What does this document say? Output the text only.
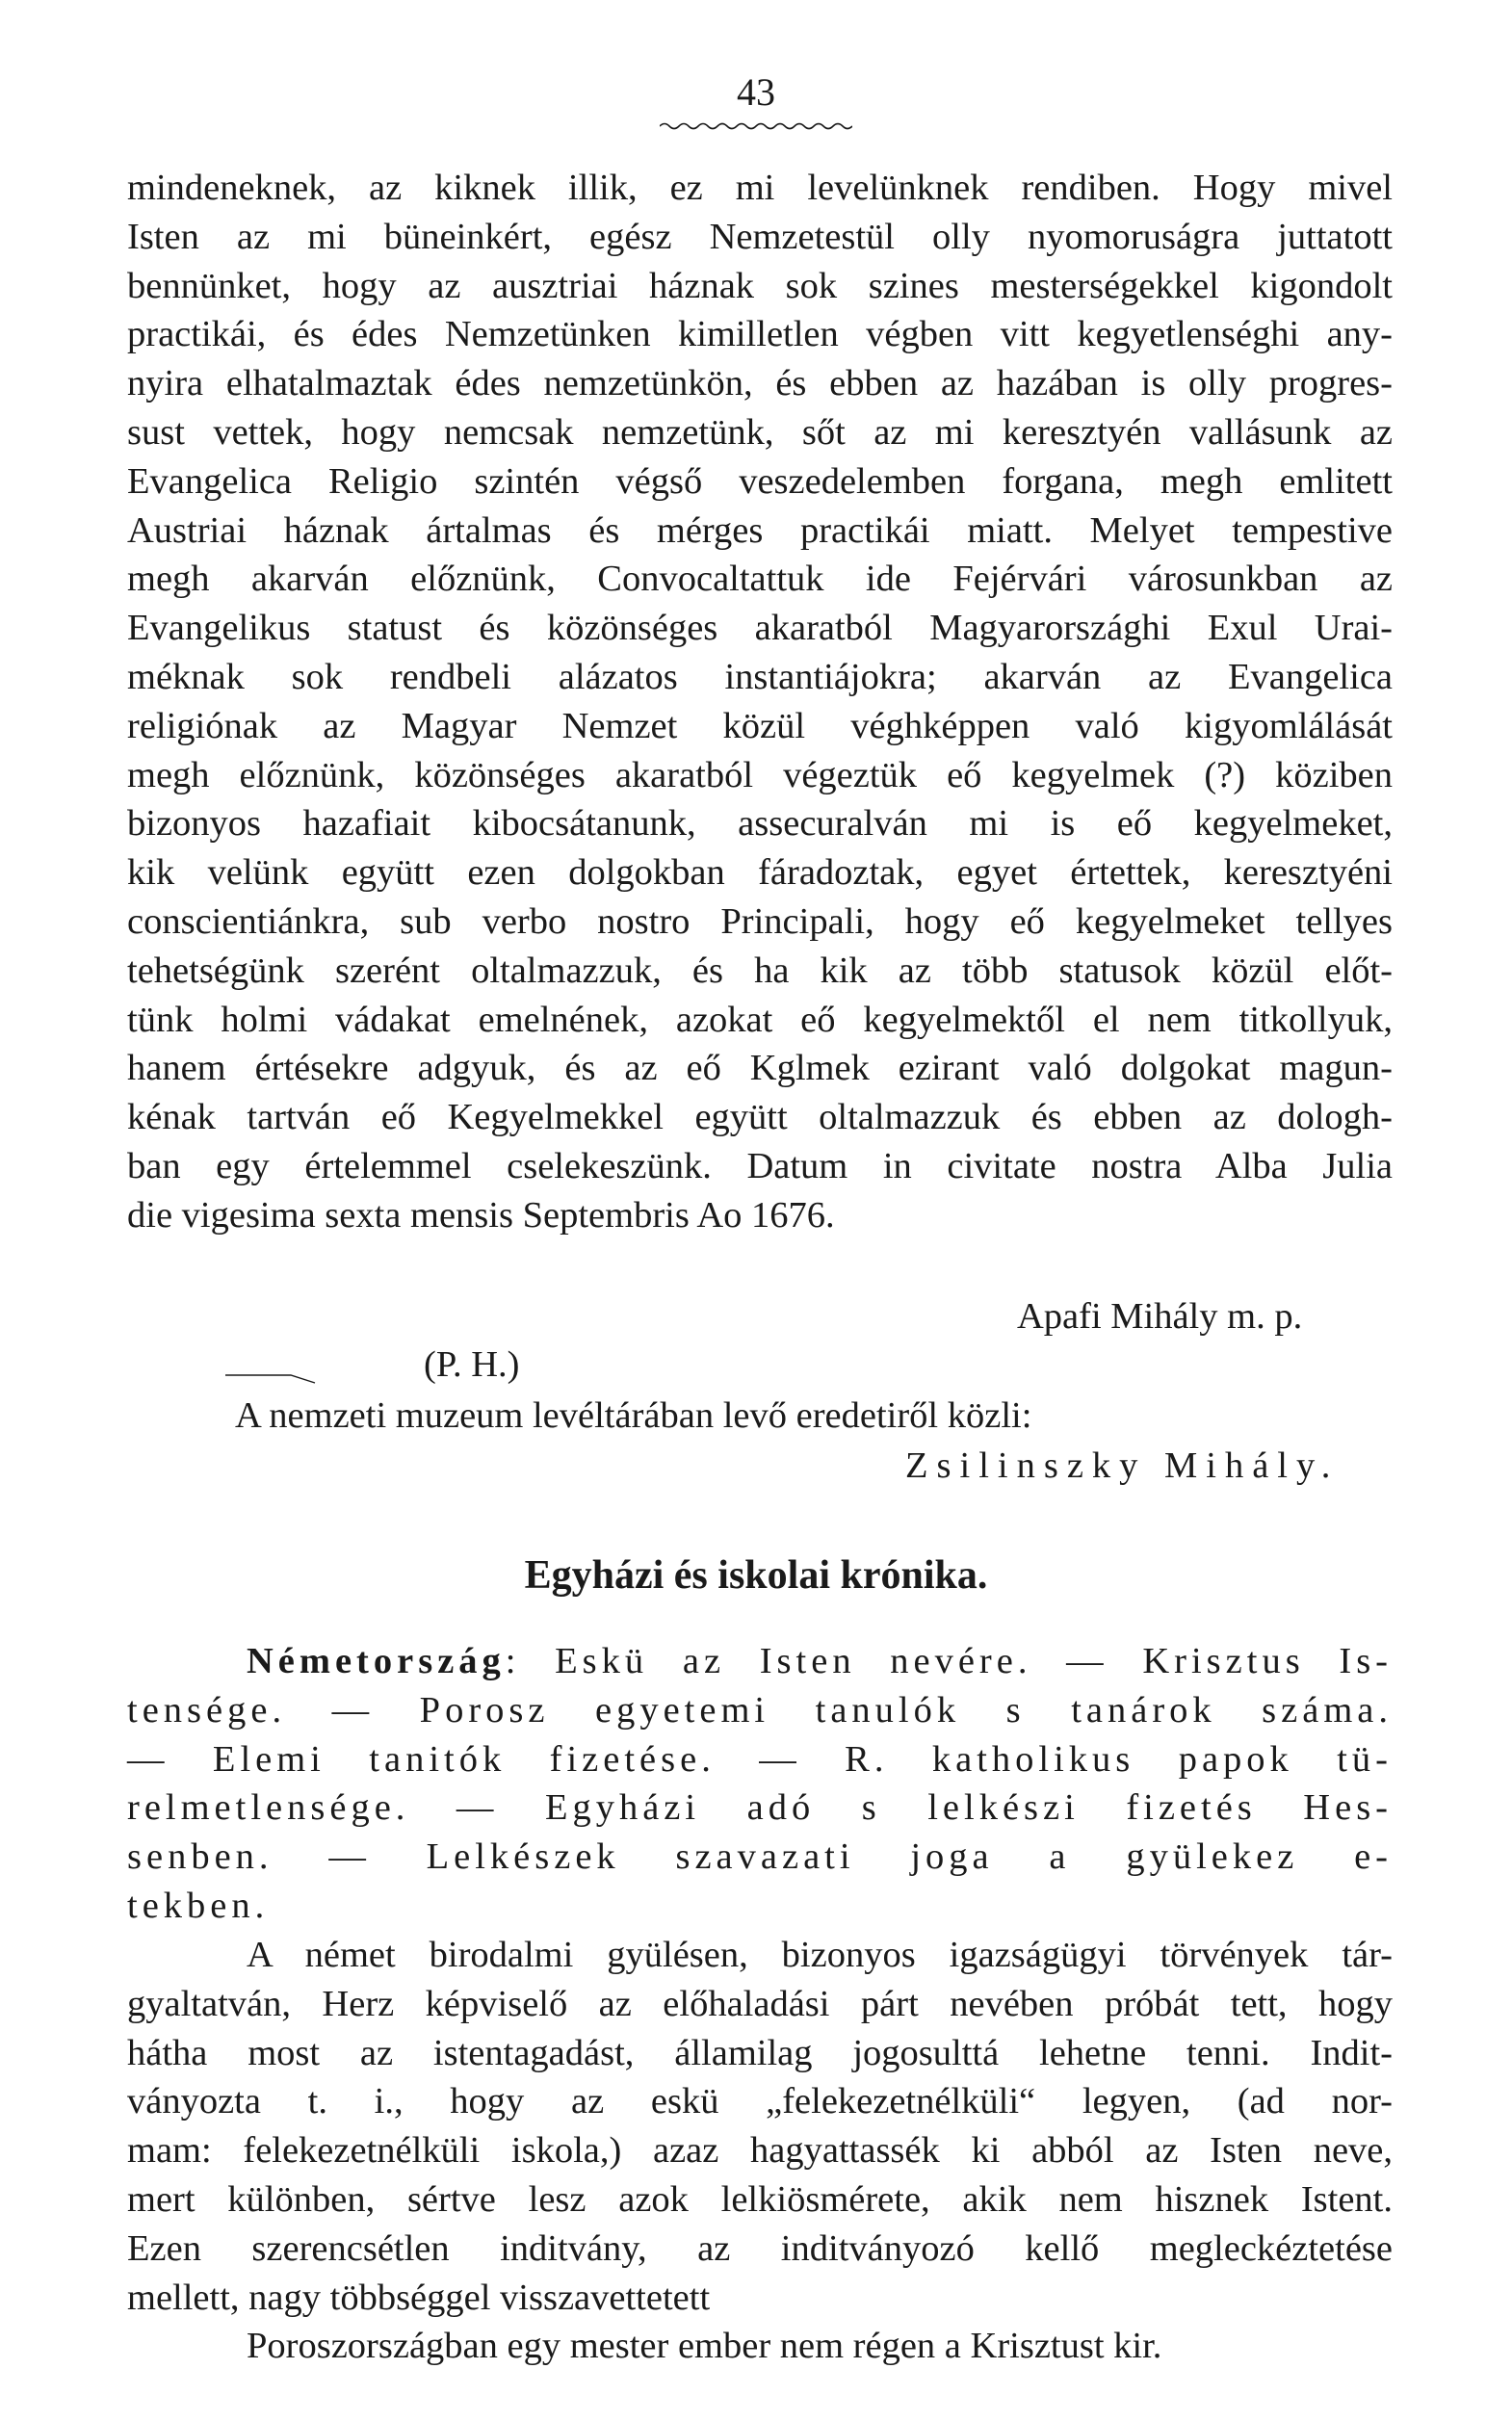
43
mindeneknek, az kiknek illik, ez mi levelünknek rendiben. Hogy mivel
Isten az mi büneinkért, egész Nemzetestül olly nyomoruságra juttatott
bennünket, hogy az ausztriai háznak sok szines mesterségekkel kigondolt
practikái, és édes Nemzetünken kimilletlen végben vitt kegyetlenséghi any-
nyira elhatalmaztak édes nemzetünkön, és ebben az hazában is olly progres-
sust vettek, hogy nemcsak nemzetünk, sőt az mi keresztyén vallásunk az
Evangelica Religio szintén végső veszedelemben forgana, megh emlitett
Austriai háznak ártalmas és mérges practikái miatt. Melyet tempestive
megh akarván előznünk, Convocaltattuk ide Fejérvári városunkban az
Evangelikus statust és közönséges akaratból Magyarországhi Exul Urai-
méknak sok rendbeli alázatos instantiájokra; akarván az Evangelica
religiónak az Magyar Nemzet közül véghképpen való kigyomlálását
megh előznünk, közönséges akaratból végeztük eő kegyelmek (?) köziben
bizonyos hazafiait kibocsátanunk, assecuralván mi is eő kegyelmeket,
kik velünk együtt ezen dolgokban fáradoztak, egyet értettek, keresztyéni
conscientiánkra, sub verbo nostro Principali, hogy eő kegyelmeket tellyes
tehetségünk szerént oltalmazzuk, és ha kik az több statusok közül előt-
tünk holmi vádakat emelnének, azokat eő kegyelmektől el nem titkollyuk,
hanem értésekre adgyuk, és az eő Kglmek ezirant való dolgokat magun-
kénak tartván eő Kegyelmekkel együtt oltalmazzuk és ebben az dologh-
ban egy értelemmel cselekeszünk. Datum in civitate nostra Alba Julia
die vigesima sexta mensis Septembris Ao 1676.
Apafi Mihály m. p.
(P. H.)
A nemzeti muzeum levéltárában levő eredetiről közli:
Zsilinszky Mihály.
Egyházi és iskolai krónika.
Németország: Eskü az Isten nevére. — Krisztus Is-
tensége. — Porosz egyetemi tanulók s tanárok száma.
— Elemi tanitók fizetése. — R. katholikus papok tü-
relmetlensége. — Egyházi adó s lelkészi fizetés Hes-
senben. — Lelkészek szavazati joga a gyülekez e-
tekben.
A német birodalmi gyülésen, bizonyos igazságügyi törvények tár-
gyaltatván, Herz képviselő az előhaladási párt nevében próbát tett, hogy
hátha most az istentagadást, államilag jogosulttá lehetne tenni. Indit-
ványozta t. i., hogy az eskü „felekezetnélküli“ legyen, (ad nor-
mam: felekezetnélküli iskola,) azaz hagyattassék ki abból az Isten neve,
mert különben, sértve lesz azok lelkiösmérete, akik nem hisznek Istent.
Ezen szerencsétlen inditvány, az inditványozó kellő megleckéztetése
mellett, nagy többséggel visszavettetett
Poroszországban egy mester ember nem régen a Krisztust kir.
